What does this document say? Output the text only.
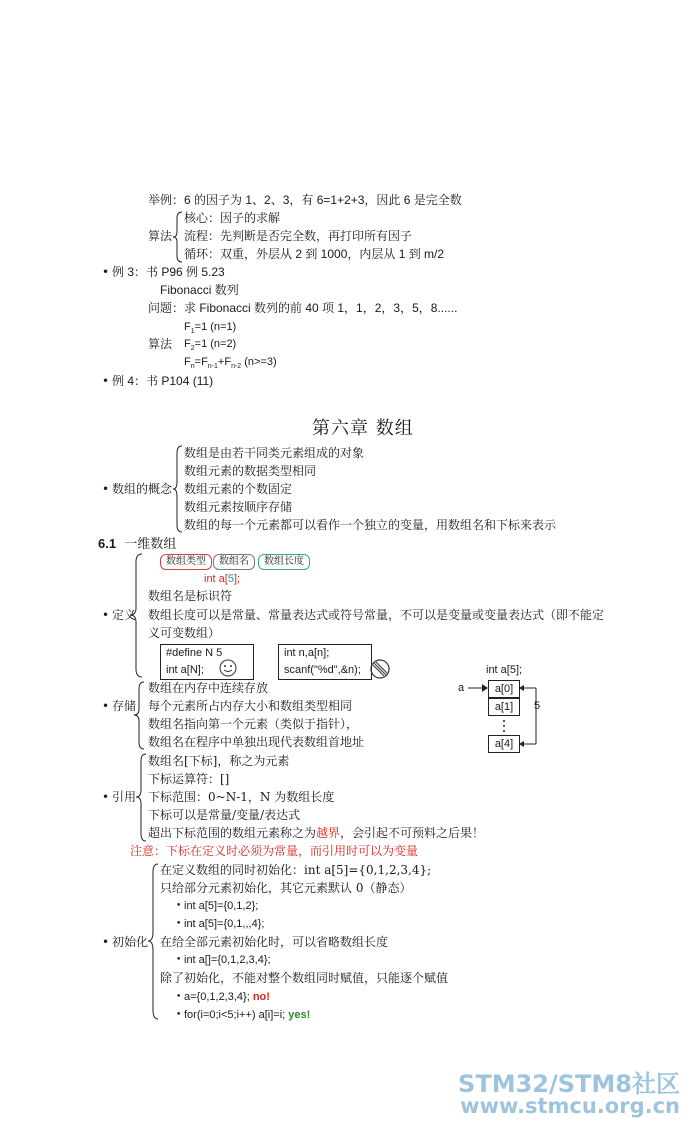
举例：6 的因子为 1、2、3，有 6=1+2+3，因此 6 是完全数
算法
核心：因子的求解
流程：先判断是否完全数，再打印所有因子
循环：双重，外层从 2 到 1000，内层从 1 到 m/2
• 例 3：书 P96 例 5.23
Fibonacci 数列
问题：求 Fibonacci 数列的前 40 项 1，1，2，3，5，8......
$F_1=1$ (n=1)
算法 $F_2=1$ (n=2)
$F_n=F_{n-1}+F_{n-2}$ (n>=3)
• 例 4：书 P104 (11)
第六章 数组
• 数组的概念
数组是由若干同类元素组成的对象
数组元素的数据类型相同
数组元素的个数固定
数组元素按顺序存储
数组的每一个元素都可以看作一个独立的变量，用数组名和下标来表示
6.1 一维数组
• 定义
数组类型	数组名	数组长度
int a[5];
数组名是标识符
数组长度可以是常量、常量表达式或符号常量，不可以是变量或变量表达式（即不能定
义可变数组）
#define N 5
int a[N];
int n,a[n];
scanf("%d",&n);
• 存储
数组在内存中连续存放
每个元素所占内存大小和数组类型相同
数组名指向第一个元素（类似于指针），
数组名在程序中单独出现代表数组首地址
int a[5];
a	a[0]
a[1]
a[4]
5
• 引用
数组名[下标]，称之为元素
下标运算符：[]
下标范围：0~N-1，N 为数组长度
下标可以是常量/变量/表达式
超出下标范围的数组元素称之为越界，会引起不可预料之后果！
注意：下标在定义时必须为常量，而引用时可以为变量
• 初始化
在定义数组的同时初始化：int a[5]={0,1,2,3,4};
只给部分元素初始化，其它元素默认 0（静态）
• int a[5]={0,1,2};
• int a[5]={0,1,,,4};
在给全部元素初始化时，可以省略数组长度
• int a[]={0,1,2,3,4};
除了初始化，不能对整个数组同时赋值，只能逐个赋值
• a={0,1,2,3,4}; no!
• for(i=0;i<5;i++) a[i]=i; yes!
STM32/STM8社区
www.stmcu.org.cn
